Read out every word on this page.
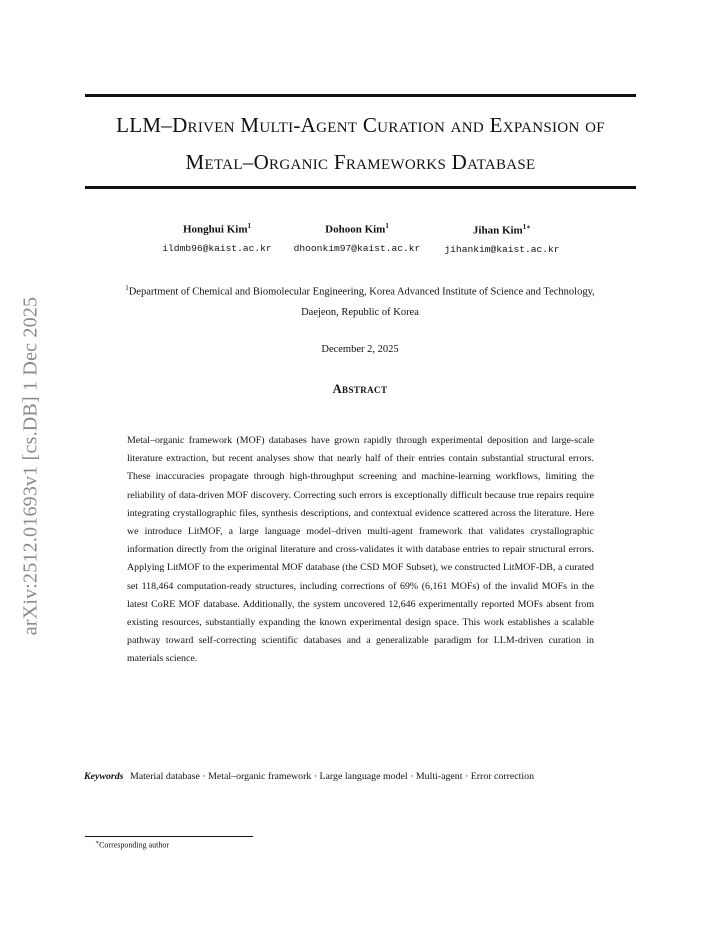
arXiv:2512.01693v1 [cs.DB] 1 Dec 2025
LLM–Driven Multi-Agent Curation and Expansion of
Metal–Organic Frameworks Database
Honghui Kim$^1$
ildmb96@kaist.ac.kr
Dohoon Kim$^1$
dhoonkim97@kaist.ac.kr
Jihan Kim$^{1∗}$
jihankim@kaist.ac.kr
$^1$Department of Chemical and Biomolecular Engineering, Korea Advanced Institute of Science and Technology, Daejeon, Republic of Korea
December 2, 2025
Abstract
Metal–organic framework (MOF) databases have grown rapidly through experimental deposition and large-scale literature extraction, but recent analyses show that nearly half of their entries contain substantial structural errors. These inaccuracies propagate through high-throughput screening and machine-learning workflows, limiting the reliability of data-driven MOF discovery. Correcting such errors is exceptionally difficult because true repairs require integrating crystallographic files, synthesis descriptions, and contextual evidence scattered across the literature. Here we introduce LitMOF, a large language model–driven multi-agent framework that validates crystallographic information directly from the original literature and cross-validates it with database entries to repair structural errors. Applying LitMOF to the experimental MOF database (the CSD MOF Subset), we constructed LitMOF-DB, a curated set 118,464 computation-ready structures, including corrections of 69% (6,161 MOFs) of the invalid MOFs in the latest CoRE MOF database. Additionally, the system uncovered 12,646 experimentally reported MOFs absent from existing resources, substantially expanding the known experimental design space. This work establishes a scalable pathway toward self-correcting scientific databases and a generalizable paradigm for LLM-driven curation in materials science.
Keywords Material database · Metal–organic framework · Large language model · Multi-agent · Error correction
∗Corresponding author
